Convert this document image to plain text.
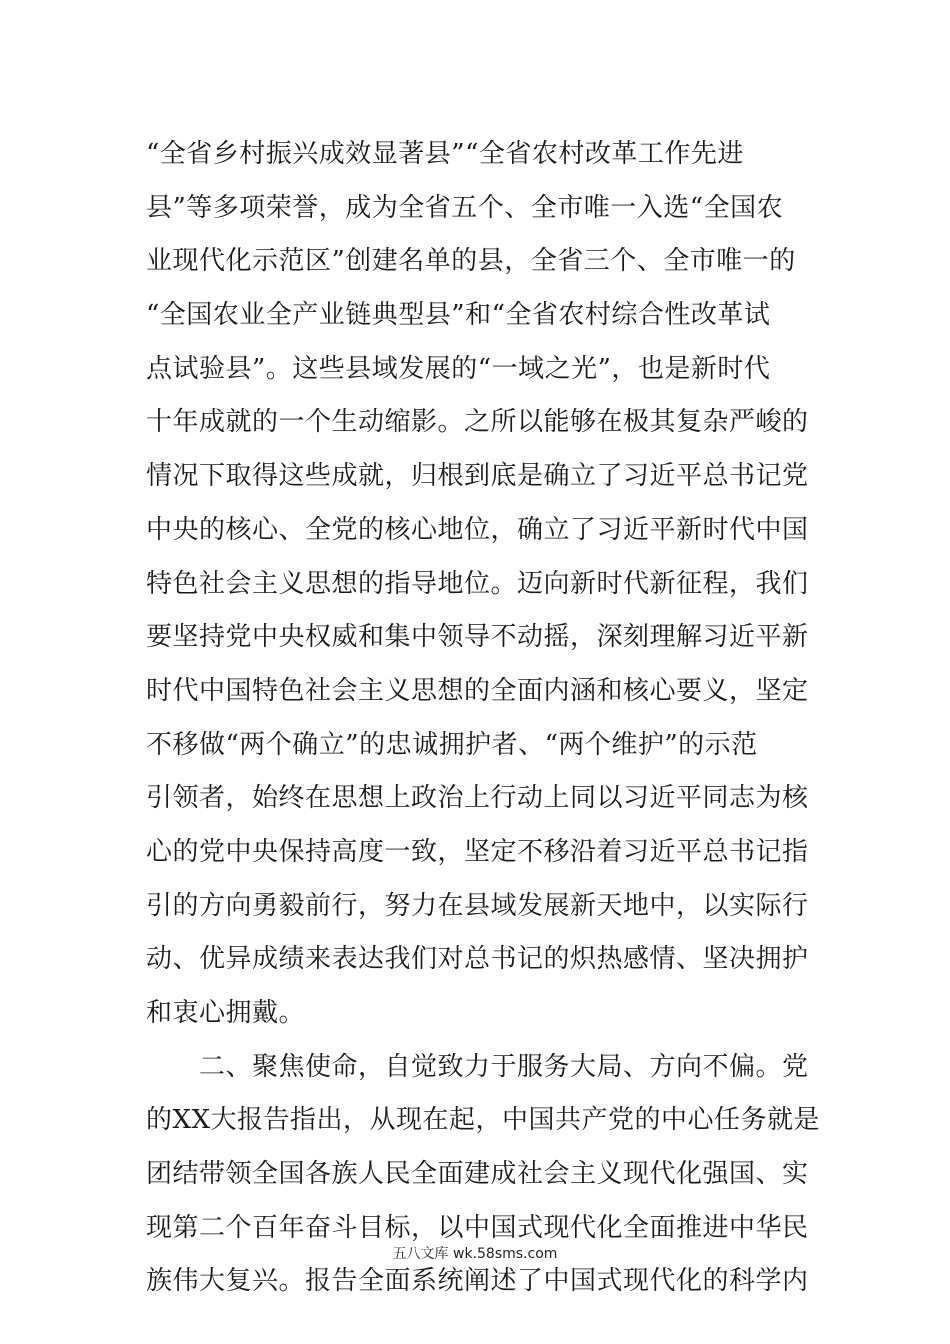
“全省乡村振兴成效显著县”“全省农村改革工作先进
县”等多项荣誉，成为全省五个、全市唯一入选“全国农
业现代化示范区”创建名单的县，全省三个、全市唯一的
“全国农业全产业链典型县”和“全省农村综合性改革试
点试验县”。这些县域发展的“一域之光”，也是新时代
十年成就的一个生动缩影。之所以能够在极其复杂严峻的
情况下取得这些成就，归根到底是确立了习近平总书记党
中央的核心、全党的核心地位，确立了习近平新时代中国
特色社会主义思想的指导地位。迈向新时代新征程，我们
要坚持党中央权威和集中领导不动摇，深刻理解习近平新
时代中国特色社会主义思想的全面内涵和核心要义，坚定
不移做“两个确立”的忠诚拥护者、“两个维护”的示范
引领者，始终在思想上政治上行动上同以习近平同志为核
心的党中央保持高度一致，坚定不移沿着习近平总书记指
引的方向勇毅前行，努力在县域发展新天地中，以实际行
动、优异成绩来表达我们对总书记的炽热感情、坚决拥护
和衷心拥戴。
　　二、聚焦使命，自觉致力于服务大局、方向不偏。党
的XX大报告指出，从现在起，中国共产党的中心任务就是
团结带领全国各族人民全面建成社会主义现代化强国、实
现第二个百年奋斗目标，以中国式现代化全面推进中华民
族伟大复兴。报告全面系统阐述了中国式现代化的科学内
五八文库 wk.58sms.com
